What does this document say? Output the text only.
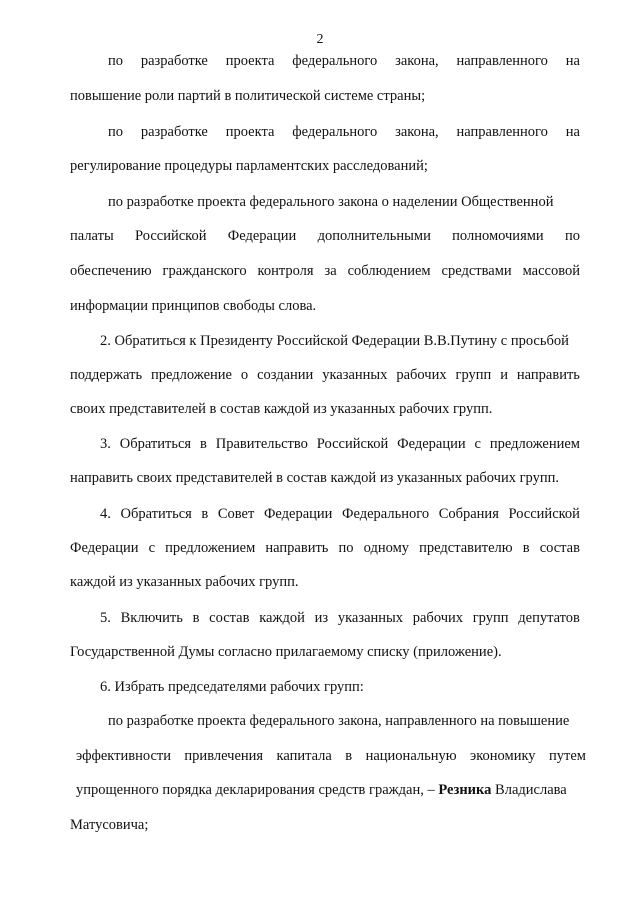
2
по разработке проекта федерального закона, направленного на
повышение роли партий в политической системе страны;
по разработке проекта федерального закона, направленного на
регулирование процедуры парламентских расследований;
по разработке проекта федерального закона о наделении Общественной
палаты Российской Федерации дополнительными полномочиями по
обеспечению гражданского контроля за соблюдением средствами массовой
информации принципов свободы слова.
2. Обратиться к Президенту Российской Федерации В.В.Путину с просьбой
поддержать предложение о создании указанных рабочих групп и направить
своих представителей в состав каждой из указанных рабочих групп.
3. Обратиться в Правительство Российской Федерации с предложением
направить своих представителей в состав каждой из указанных рабочих групп.
4. Обратиться в Совет Федерации Федерального Собрания Российской
Федерации с предложением направить по одному представителю в состав
каждой из указанных рабочих групп.
5. Включить в состав каждой из указанных рабочих групп депутатов
Государственной Думы согласно прилагаемому списку (приложение).
6. Избрать председателями рабочих групп:
по разработке проекта федерального закона, направленного на повышение
эффективности привлечения капитала в национальную экономику путем
упрощенного порядка декларирования средств граждан, – Резника Владислава
Матусовича;
